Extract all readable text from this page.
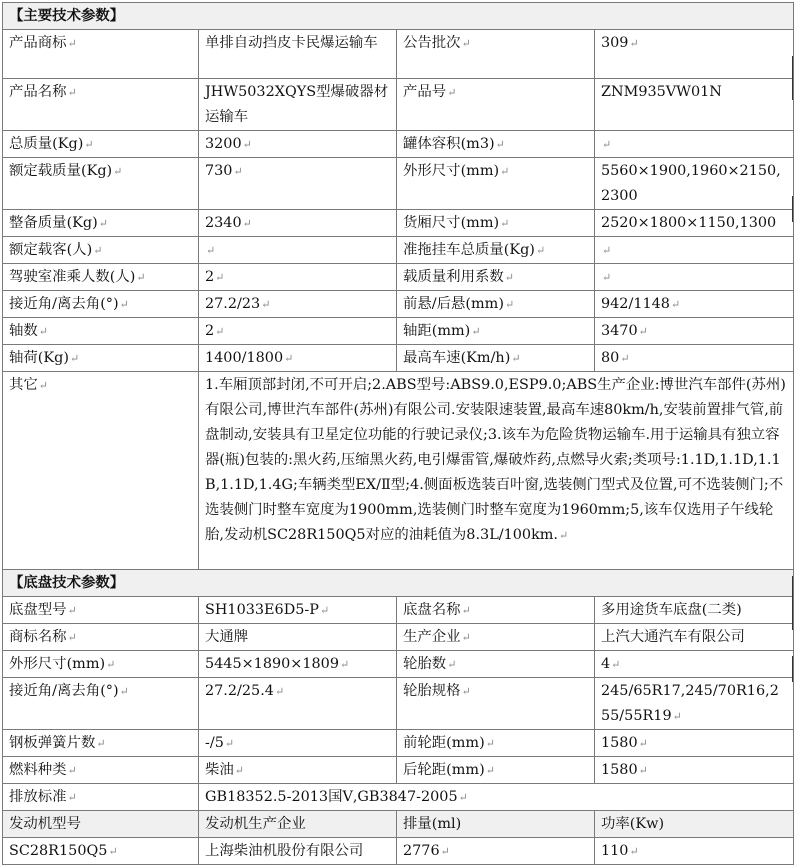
【主要技术参数】			
产品商标↵	单排自动挡皮卡民爆运输车	公告批次↵	309↵
产品名称↵	JHW5032XQYS型爆破器材运输车	产品号↵	ZNM935VW01N
总质量(Kg)↵	3200↵	罐体容积(m3)↵	↵
额定载质量(Kg)↵	730↵	外形尺寸(mm)↵	5560×1900,1960×2150,2300
整备质量(Kg)↵	2340↵	货厢尺寸(mm)↵	2520×1800×1150,1300
额定载客(人)↵	↵	准拖挂车总质量(Kg)↵	↵
驾驶室准乘人数(人)↵	2↵	载质量利用系数↵	↵
接近角/离去角(°)↵	27.2/23↵	前悬/后悬(mm)↵	942/1148↵
轴数↵	2↵	轴距(mm)↵	3470↵
轴荷(Kg)↵	1400/1800↵	最高车速(Km/h)↵	80↵
其它↵	1.车厢顶部封闭,不可开启;2.ABS型号:ABS9.0,ESP9.0;ABS生产企业:博世汽车部件(苏州)有限公司,博世汽车部件(苏州)有限公司.安装限速装置,最高车速80km/h,安装前置排气管,前盘制动,安装具有卫星定位功能的行驶记录仪;3.该车为危险货物运输车.用于运输具有独立容器(瓶)包装的:黑火药,压缩黑火药,电引爆雷管,爆破炸药,点燃导火索;类项号:1.1D,1.1D,1.1B,1.1D,1.4G;车辆类型EX/Ⅱ型;4.侧面板选装百叶窗,选装侧门型式及位置,可不选装侧门;不选装侧门时整车宽度为1900mm,选装侧门时整车宽度为1960mm;5,该车仅选用子午线轮胎,发动机SC28R150Q5对应的油耗值为8.3L/100km.↵		
【底盘技术参数】			
底盘型号↵	SH1033E6D5-P↵	底盘名称↵	多用途货车底盘(二类)
商标名称↵	大通牌	生产企业↵	上汽大通汽车有限公司
外形尺寸(mm)↵	5445×1890×1809↵	轮胎数↵	4↵
接近角/离去角(°)↵	27.2/25.4↵	轮胎规格↵	245/65R17,245/70R16,255/55R19↵
钢板弹簧片数↵	-/5↵	前轮距(mm)↵	1580↵
燃料种类↵	柴油↵	后轮距(mm)↵	1580↵
排放标准↵	GB18352.5-2013国Ⅴ,GB3847-2005↵		
发动机型号	发动机生产企业	排量(ml)	功率(Kw)
SC28R150Q5↵	上海柴油机股份有限公司	2776↵	110↵
